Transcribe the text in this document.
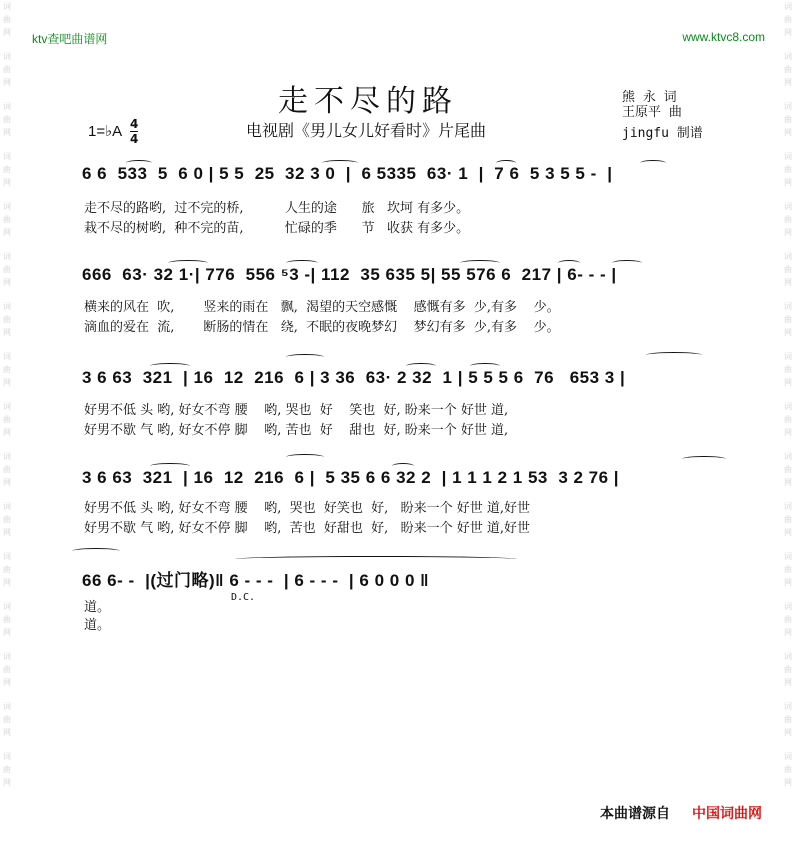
词
曲
网
词
曲
网
词
曲
网
词
曲
网
词
曲
网
词
曲
网
词
曲
网
词
曲
网
词
曲
网
词
曲
网
词
曲
网
词
曲
网
词
曲
网
词
曲
网
词
曲
网
词
曲
网
词
曲
网
词
曲
网
词
曲
网
词
曲
网
词
曲
网
词
曲
网
词
曲
网
词
曲
网
词
曲
网
词
曲
网
词
曲
网
词
曲
网
词
曲
网
词
曲
网
词
曲
网
词
曲
网
ktv查吧曲谱网	www.ktvc8.com
走不尽的路
电视剧《男儿女儿好看时》片尾曲
熊 永 词
王原平 曲
jingfu 制谱
1=♭A 4
4
6 6  533  5  6 0 | 5 5  25  32 3 0  |  6 5335  63· 1  |  7 6  5 3 5 5 -  |
走不尽的路哟,  过不完的桥,          人生的途      旅   坎坷 有多少。
栽不尽的树哟,  种不完的苗,          忙碌的季      节   收获 有多少。
666  63· 32 1·| 776  556 ⁵3 -| 112  35 635 5| 55 576 6  217 | 6- - - |
横来的风在  吹,       竖来的雨在   飘,  渴望的天空感慨    感慨有多  少,有多    少。
滴血的爱在  流,       断肠的情在   绕,  不眠的夜晚梦幻    梦幻有多  少,有多    少。
3 6 63  321  | 16  12  216  6 | 3 36  63· 2 32  1 | 5 5 5 6  76   653 3 |
好男不低 头 哟, 好女不弯 腰    哟, 哭也  好    笑也  好, 盼来一个 好世 道,
好男不歇 气 哟, 好女不停 脚    哟, 苦也  好    甜也  好, 盼来一个 好世 道,
3 6 63  321  | 16  12  216  6 |  5 35 6 6 32 2  | 1 1 1 2 1 53  3 2 76 |
好男不低 头 哟, 好女不弯 腰    哟,  哭也  好笑也  好,   盼来一个 好世 道,好世
好男不歇 气 哟, 好女不停 脚    哟,  苦也  好甜也  好,   盼来一个 好世 道,好世
66 6- -  |(过门略)‖ 6 - - -  | 6 - - -  | 6 0 0 0 ‖
道。
道。
D.C.
本曲谱源自 中国词曲网
